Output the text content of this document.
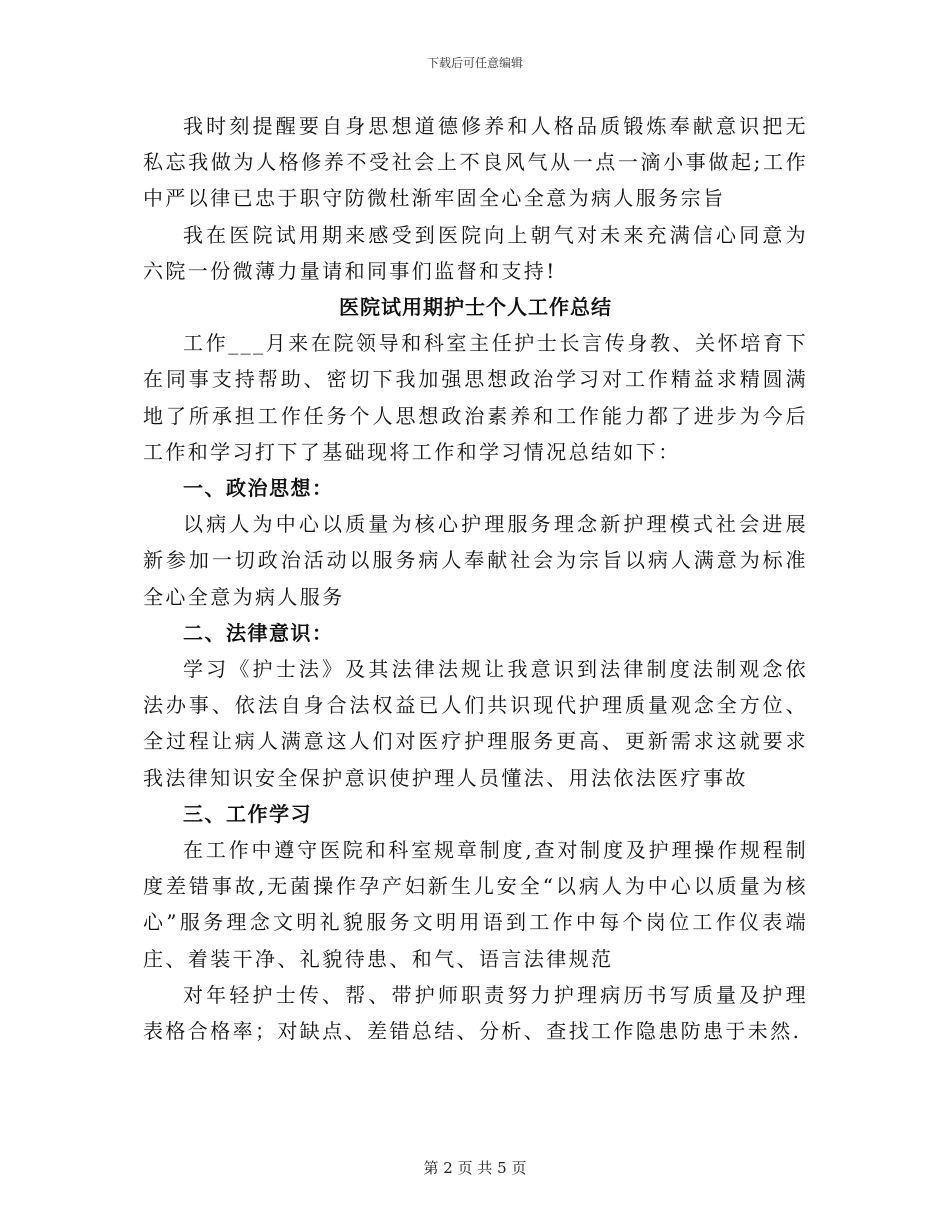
下载后可任意编辑

我时刻提醒要自身思想道德修养和人格品质锻炼奉献意识把无私忘我做为人格修养不受社会上不良风气从一点一滴小事做起;工作中严以律已忠于职守防微杜渐牢固全心全意为病人服务宗旨

我在医院试用期来感受到医院向上朝气对未来充满信心同意为六院一份微薄力量请和同事们监督和支持!

医院试用期护士个人工作总结

工作___月来在院领导和科室主任护士长言传身教、关怀培育下在同事支持帮助、密切下我加强思想政治学习对工作精益求精圆满地了所承担工作任务个人思想政治素养和工作能力都了进步为今后工作和学习打下了基础现将工作和学习情况总结如下：

一、政治思想：

以病人为中心以质量为核心护理服务理念新护理模式社会进展新参加一切政治活动以服务病人奉献社会为宗旨以病人满意为标准全心全意为病人服务

二、法律意识：

学习《护士法》及其法律法规让我意识到法律制度法制观念依法办事、依法自身合法权益已人们共识现代护理质量观念全方位、全过程让病人满意这人们对医疗护理服务更高、更新需求这就要求我法律知识安全保护意识使护理人员懂法、用法依法医疗事故

三、工作学习

在工作中遵守医院和科室规章制度,查对制度及护理操作规程制度差错事故,无菌操作孕产妇新生儿安全“以病人为中心以质量为核心”服务理念文明礼貌服务文明用语到工作中每个岗位工作仪表端庄、着装干净、礼貌待患、和气、语言法律规范

对年轻护士传、帮、带护师职责努力护理病历书写质量及护理表格合格率；对缺点、差错总结、分析、查找工作隐患防患于未然.

第 2 页 共 5 页
